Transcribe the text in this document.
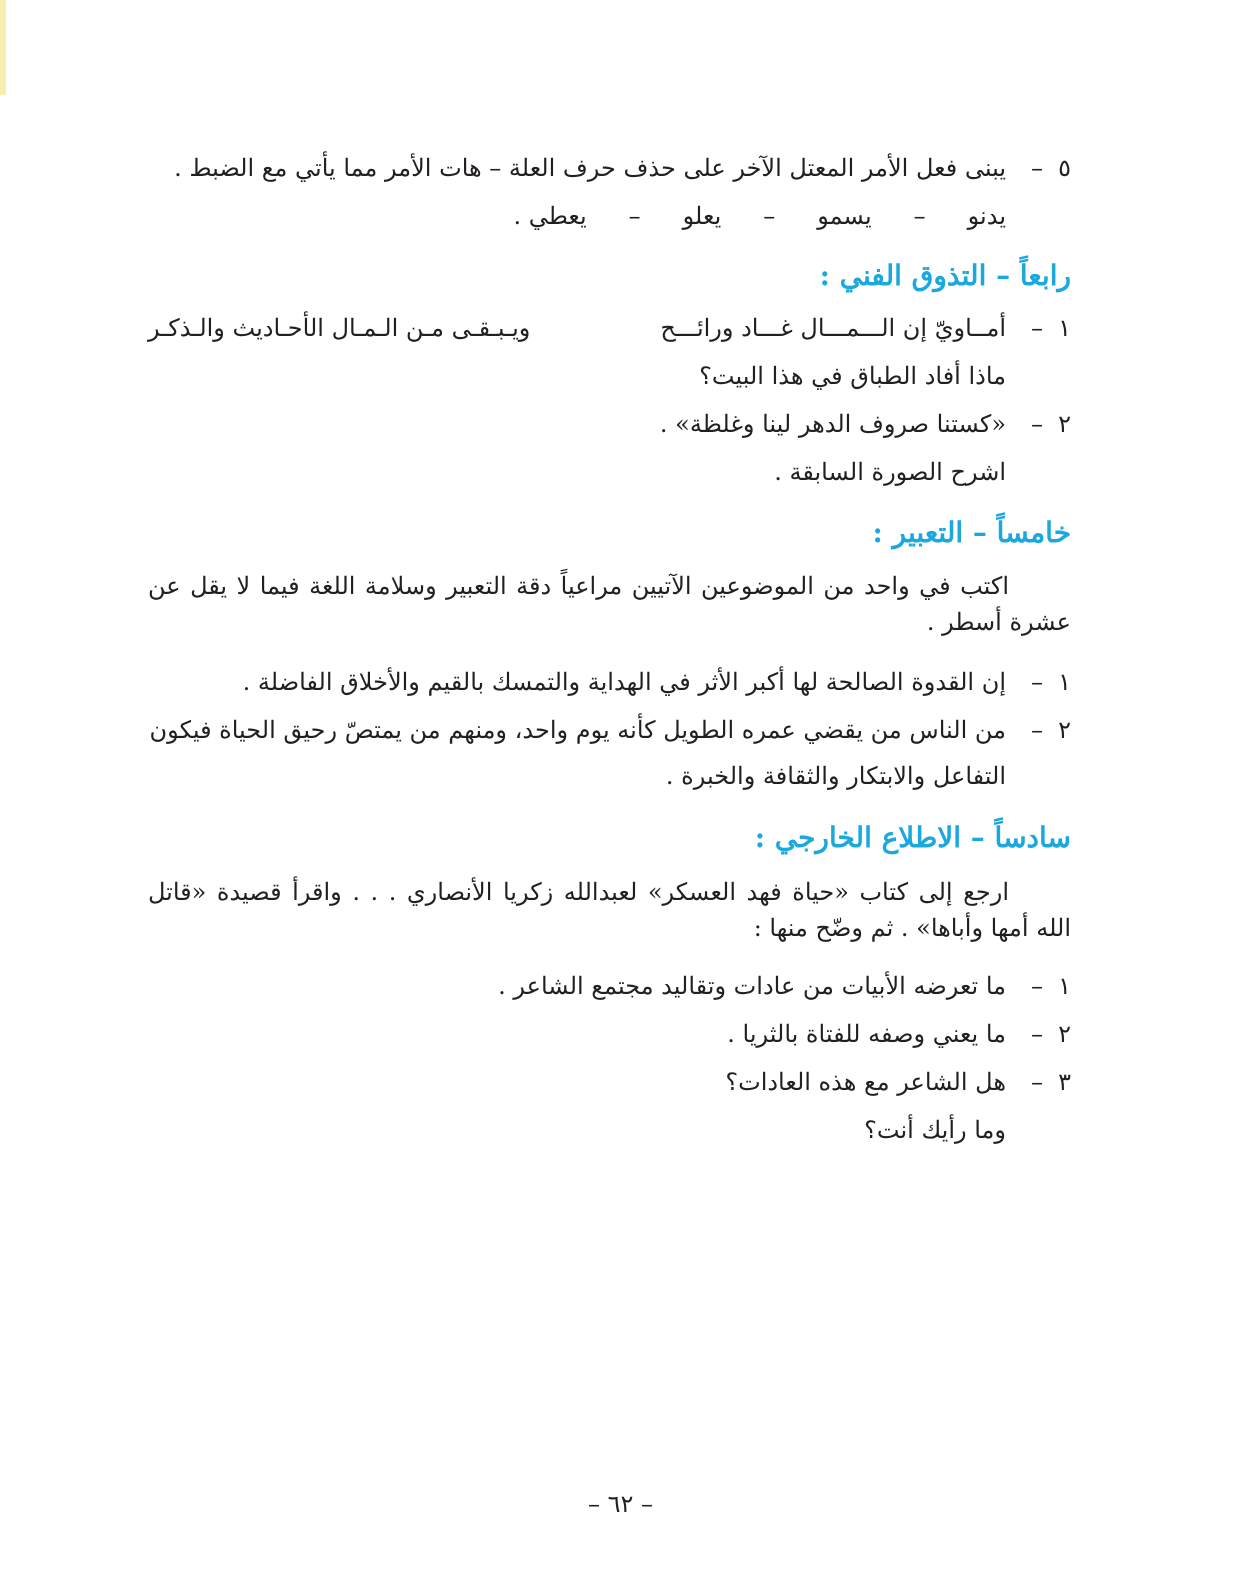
٥
–
يبنى فعل الأمر المعتل الآخر على حذف حرف العلة – هات الأمر مما يأتي مع الضبط .
يدنو
–
يسمو
–
يعلو
–
يعطي .
رابعاً – التذوق الفني :
١
–
أمــاويّ إن الـــمـــال غـــاد ورائـــح
ويـبـقـى مـن الـمـال الأحـاديث والـذكـر
ماذا أفاد الطباق في هذا البيت؟
٢
–
«كستنا صروف الدهر لينا وغلظة» .
اشرح الصورة السابقة .
خامساً – التعبير :
اكتب في واحد من الموضوعين الآتيين مراعياً دقة التعبير وسلامة اللغة فيما لا يقل عن عشرة أسطر .
١
–
إن القدوة الصالحة لها أكبر الأثر في الهداية والتمسك بالقيم والأخلاق الفاضلة .
٢
–
من الناس من يقضي عمره الطويل كأنه يوم واحد، ومنهم من يمتصّ رحيق الحياة فيكون
التفاعل والابتكار والثقافة والخبرة .
سادساً – الاطلاع الخارجي :
ارجع إلى كتاب «حياة فهد العسكر» لعبدالله زكريا الأنصاري . . . واقرأ قصيدة «قاتل الله أمها وأباها» . ثم وضّح منها :
١
–
ما تعرضه الأبيات من عادات وتقاليد مجتمع الشاعر .
٢
–
ما يعني وصفه للفتاة بالثريا .
٣
–
هل الشاعر مع هذه العادات؟
وما رأيك أنت؟
– ٦٢ –
